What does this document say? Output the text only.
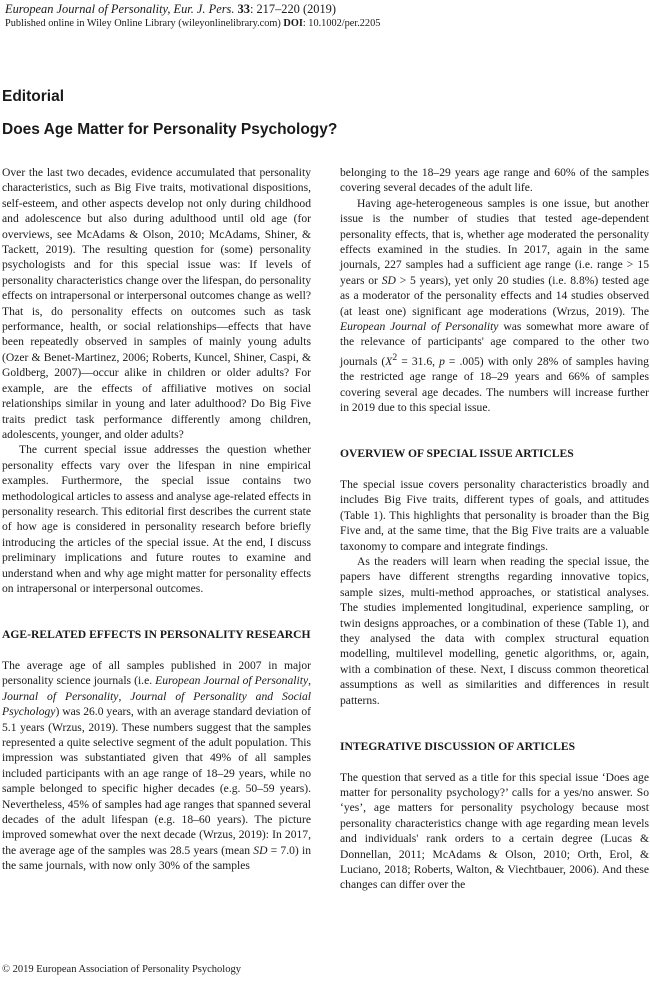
European Journal of Personality, Eur. J. Pers. 33: 217–220 (2019)
Published online in Wiley Online Library (wileyonlinelibrary.com) DOI: 10.1002/per.2205
Editorial
Does Age Matter for Personality Psychology?

Over the last two decades, evidence accumulated that personality characteristics, such as Big Five traits, motivational dispositions, self-esteem, and other aspects develop not only during childhood and adolescence but also during adulthood until old age (for overviews, see McAdams & Olson, 2010; McAdams, Shiner, & Tackett, 2019). The resulting question for (some) personality psychologists and for this special issue was: If levels of personality characteristics change over the lifespan, do personality effects on intrapersonal or interpersonal outcomes change as well? That is, do personality effects on outcomes such as task performance, health, or social relationships—effects that have been repeatedly observed in samples of mainly young adults (Ozer & Benet-Martinez, 2006; Roberts, Kuncel, Shiner, Caspi, & Goldberg, 2007)—occur alike in children or older adults? For example, are the effects of affiliative motives on social relationships similar in young and later adulthood? Do Big Five traits predict task performance differently among children, adolescents, younger, and older adults?

The current special issue addresses the question whether personality effects vary over the lifespan in nine empirical examples. Furthermore, the special issue contains two methodological articles to assess and analyse age-related effects in personality research. This editorial first describes the current state of how age is considered in personality research before briefly introducing the articles of the special issue. At the end, I discuss preliminary implications and future routes to examine and understand when and why age might matter for personality effects on intrapersonal or interpersonal outcomes.

AGE-RELATED EFFECTS IN PERSONALITY RESEARCH

The average age of all samples published in 2007 in major personality science journals (i.e. European Journal of Personality, Journal of Personality, Journal of Personality and Social Psychology) was 26.0 years, with an average standard deviation of 5.1 years (Wrzus, 2019). These numbers suggest that the samples represented a quite selective segment of the adult population. This impression was substantiated given that 49% of all samples included participants with an age range of 18–29 years, while no sample belonged to specific higher decades (e.g. 50–59 years). Nevertheless, 45% of samples had age ranges that spanned several decades of the adult lifespan (e.g. 18–60 years). The picture improved somewhat over the next decade (Wrzus, 2019): In 2017, the average age of the samples was 28.5 years (mean SD = 7.0) in the same journals, with now only 30% of the samples

belonging to the 18–29 years age range and 60% of the samples covering several decades of the adult life.

Having age-heterogeneous samples is one issue, but another issue is the number of studies that tested age-dependent personality effects, that is, whether age moderated the personality effects examined in the studies. In 2017, again in the same journals, 227 samples had a sufficient age range (i.e. range > 15 years or SD > 5 years), yet only 20 studies (i.e. 8.8%) tested age as a moderator of the personality effects and 14 studies observed (at least one) significant age moderations (Wrzus, 2019). The European Journal of Personality was somewhat more aware of the relevance of participants' age compared to the other two journals ($X^2 = 31.6$, p = .005) with only 28% of samples having the restricted age range of 18–29 years and 66% of samples covering several age decades. The numbers will increase further in 2019 due to this special issue.

OVERVIEW OF SPECIAL ISSUE ARTICLES

The special issue covers personality characteristics broadly and includes Big Five traits, different types of goals, and attitudes (Table 1). This highlights that personality is broader than the Big Five and, at the same time, that the Big Five traits are a valuable taxonomy to compare and integrate findings.

As the readers will learn when reading the special issue, the papers have different strengths regarding innovative topics, sample sizes, multi-method approaches, or statistical analyses. The studies implemented longitudinal, experience sampling, or twin designs approaches, or a combination of these (Table 1), and they analysed the data with complex structural equation modelling, multilevel modelling, genetic algorithms, or, again, with a combination of these. Next, I discuss common theoretical assumptions as well as similarities and differences in result patterns.

INTEGRATIVE DISCUSSION OF ARTICLES

The question that served as a title for this special issue ‘Does age matter for personality psychology?’ calls for a yes/no answer. So ‘yes’, age matters for personality psychology because most personality characteristics change with age regarding mean levels and individuals' rank orders to a certain degree (Lucas & Donnellan, 2011; McAdams & Olson, 2010; Orth, Erol, & Luciano, 2018; Roberts, Walton, & Viechtbauer, 2006). And these changes can differ over the

© 2019 European Association of Personality Psychology
